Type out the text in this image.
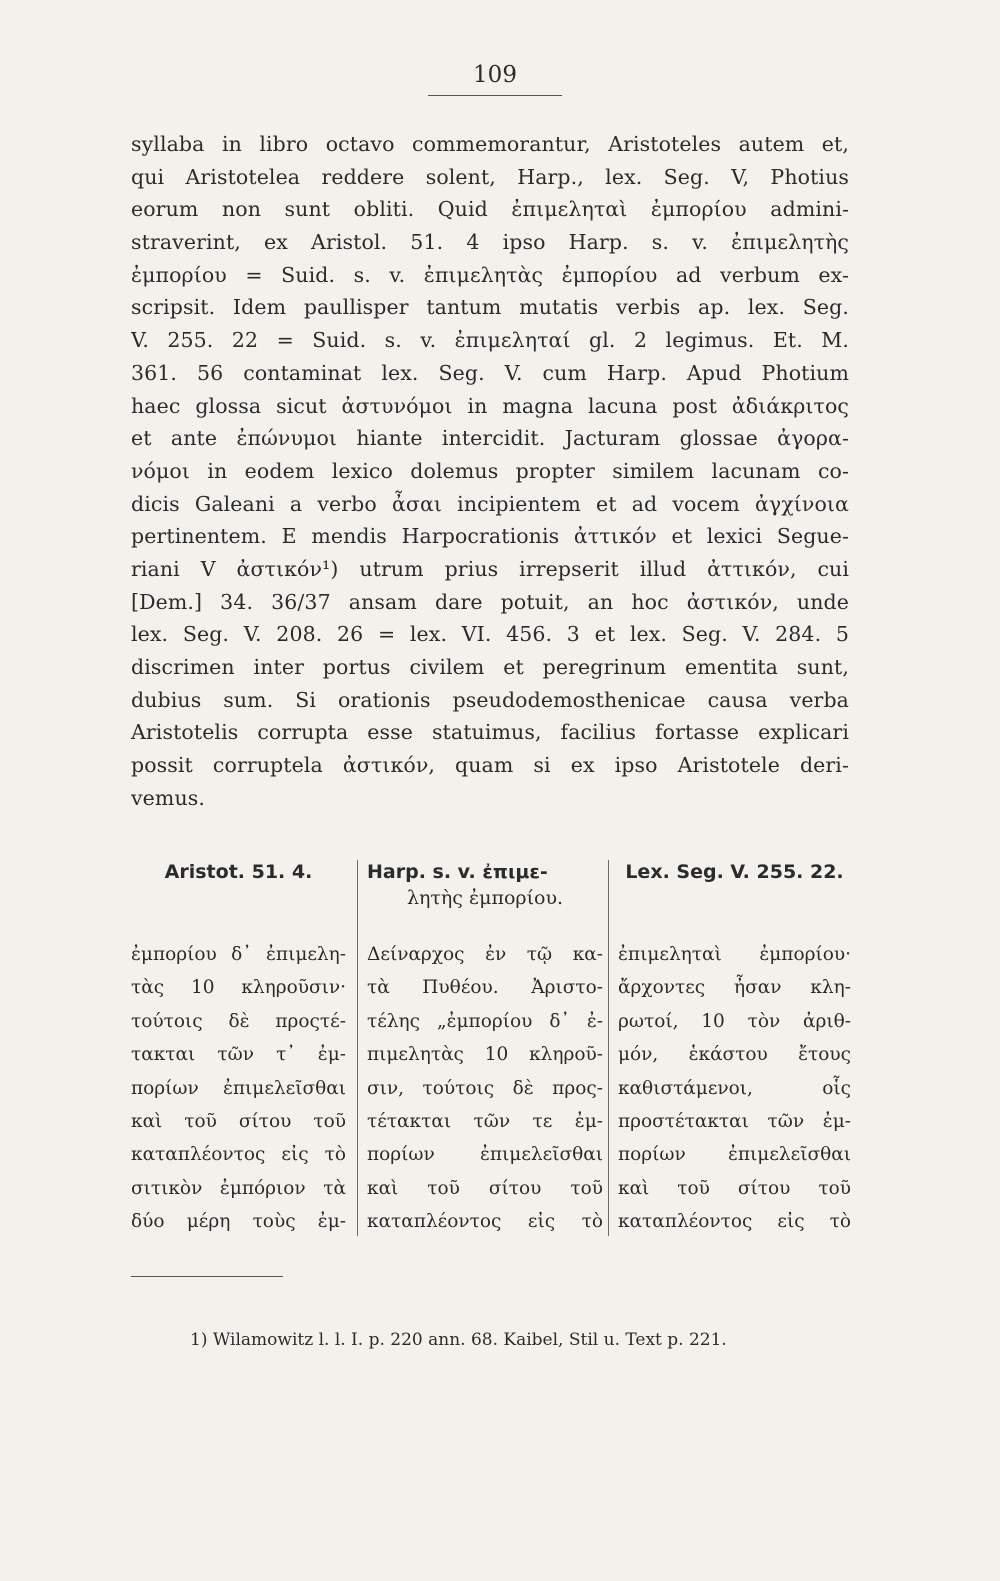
109
syllaba in libro octavo commemorantur, Aristoteles autem et,
qui Aristotelea reddere solent, Harp., lex. Seg. V, Photius
eorum non sunt obliti. Quid ἐπιμεληταὶ ἐμπορίου admini-
straverint, ex Aristol. 51. 4 ipso Harp. s. v. ἐπιμελητὴς
ἐμπορίου = Suid. s. v. ἐπιμελητὰς ἐμπορίου ad verbum ex-
scripsit. Idem paullisper tantum mutatis verbis ap. lex. Seg.
V. 255. 22 = Suid. s. v. ἐπιμεληταί gl. 2 legimus. Et. M.
361. 56 contaminat lex. Seg. V. cum Harp. Apud Photium
haec glossa sicut ἀστυνόμοι in magna lacuna post ἀδιάκριτος
et ante ἐπώνυμοι hiante intercidit. Jacturam glossae ἀγορα-
νόμοι in eodem lexico dolemus propter similem lacunam co-
dicis Galeani a verbo ἆσαι incipientem et ad vocem ἀγχίνοια
pertinentem. E mendis Harpocrationis ἀττικόν et lexici Seguе-
riani V ἀστικόν¹) utrum prius irrepserit illud ἀττικόν, cui
[Dem.] 34. 36/37 ansam dare potuit, an hoc ἀστικόν, unde
lex. Seg. V. 208. 26 = lex. VI. 456. 3 et lex. Seg. V. 284. 5
discrimen inter portus civilem et peregrinum ementita sunt,
dubius sum. Si orationis pseudodemosthenicae causa verba
Aristotelis corrupta esse statuimus, facilius fortasse explicari
possit corruptela ἀστικόν, quam si ex ipso Aristotele deri-
vemus.
Aristot. 51. 4.
ἐμπορίου δ᾽ ἐπιμελη-
τὰς 10 κληροῦσιν·
τούτοις δὲ προςτέ-
τακται τῶν τ᾽ ἐμ-
πορίων ἐπιμελεῖσθαι
καὶ τοῦ σίτου τοῦ
καταπλέοντος εἰς τὸ
σιτικὸν ἐμπόριον τὰ
δύο μέρη τοὺς ἐμ-
Harp. s. v. ἐπιμε-
λητὴς ἐμπορίου.
Δείναρχος ἐν τῷ κα-
τὰ Πυθέου. Ἀριστο-
τέλης „ἐμπορίου δ᾽ ἐ-
πιμελητὰς 10 κληροῦ-
σιν, τούτοις δὲ προς-
τέτακται τῶν τε ἐμ-
πορίων ἐπιμελεῖσθαι
καὶ τοῦ σίτου τοῦ
καταπλέοντος εἰς τὸ
Lex. Seg. V. 255. 22.
ἐπιμεληταὶ ἐμπορίου·
ἄρχοντες ἦσαν κλη-
ρωτοί, 10 τὸν ἀριθ-
μόν, ἑκάστου ἔτους
καθιστάμενοι, οἷς
προστέτακται τῶν ἐμ-
πορίων ἐπιμελεῖσθαι
καὶ τοῦ σίτου τοῦ
καταπλέοντος εἰς τὸ
1) Wilamowitz l. l. I. p. 220 ann. 68. Kaibel, Stil u. Text p. 221.
